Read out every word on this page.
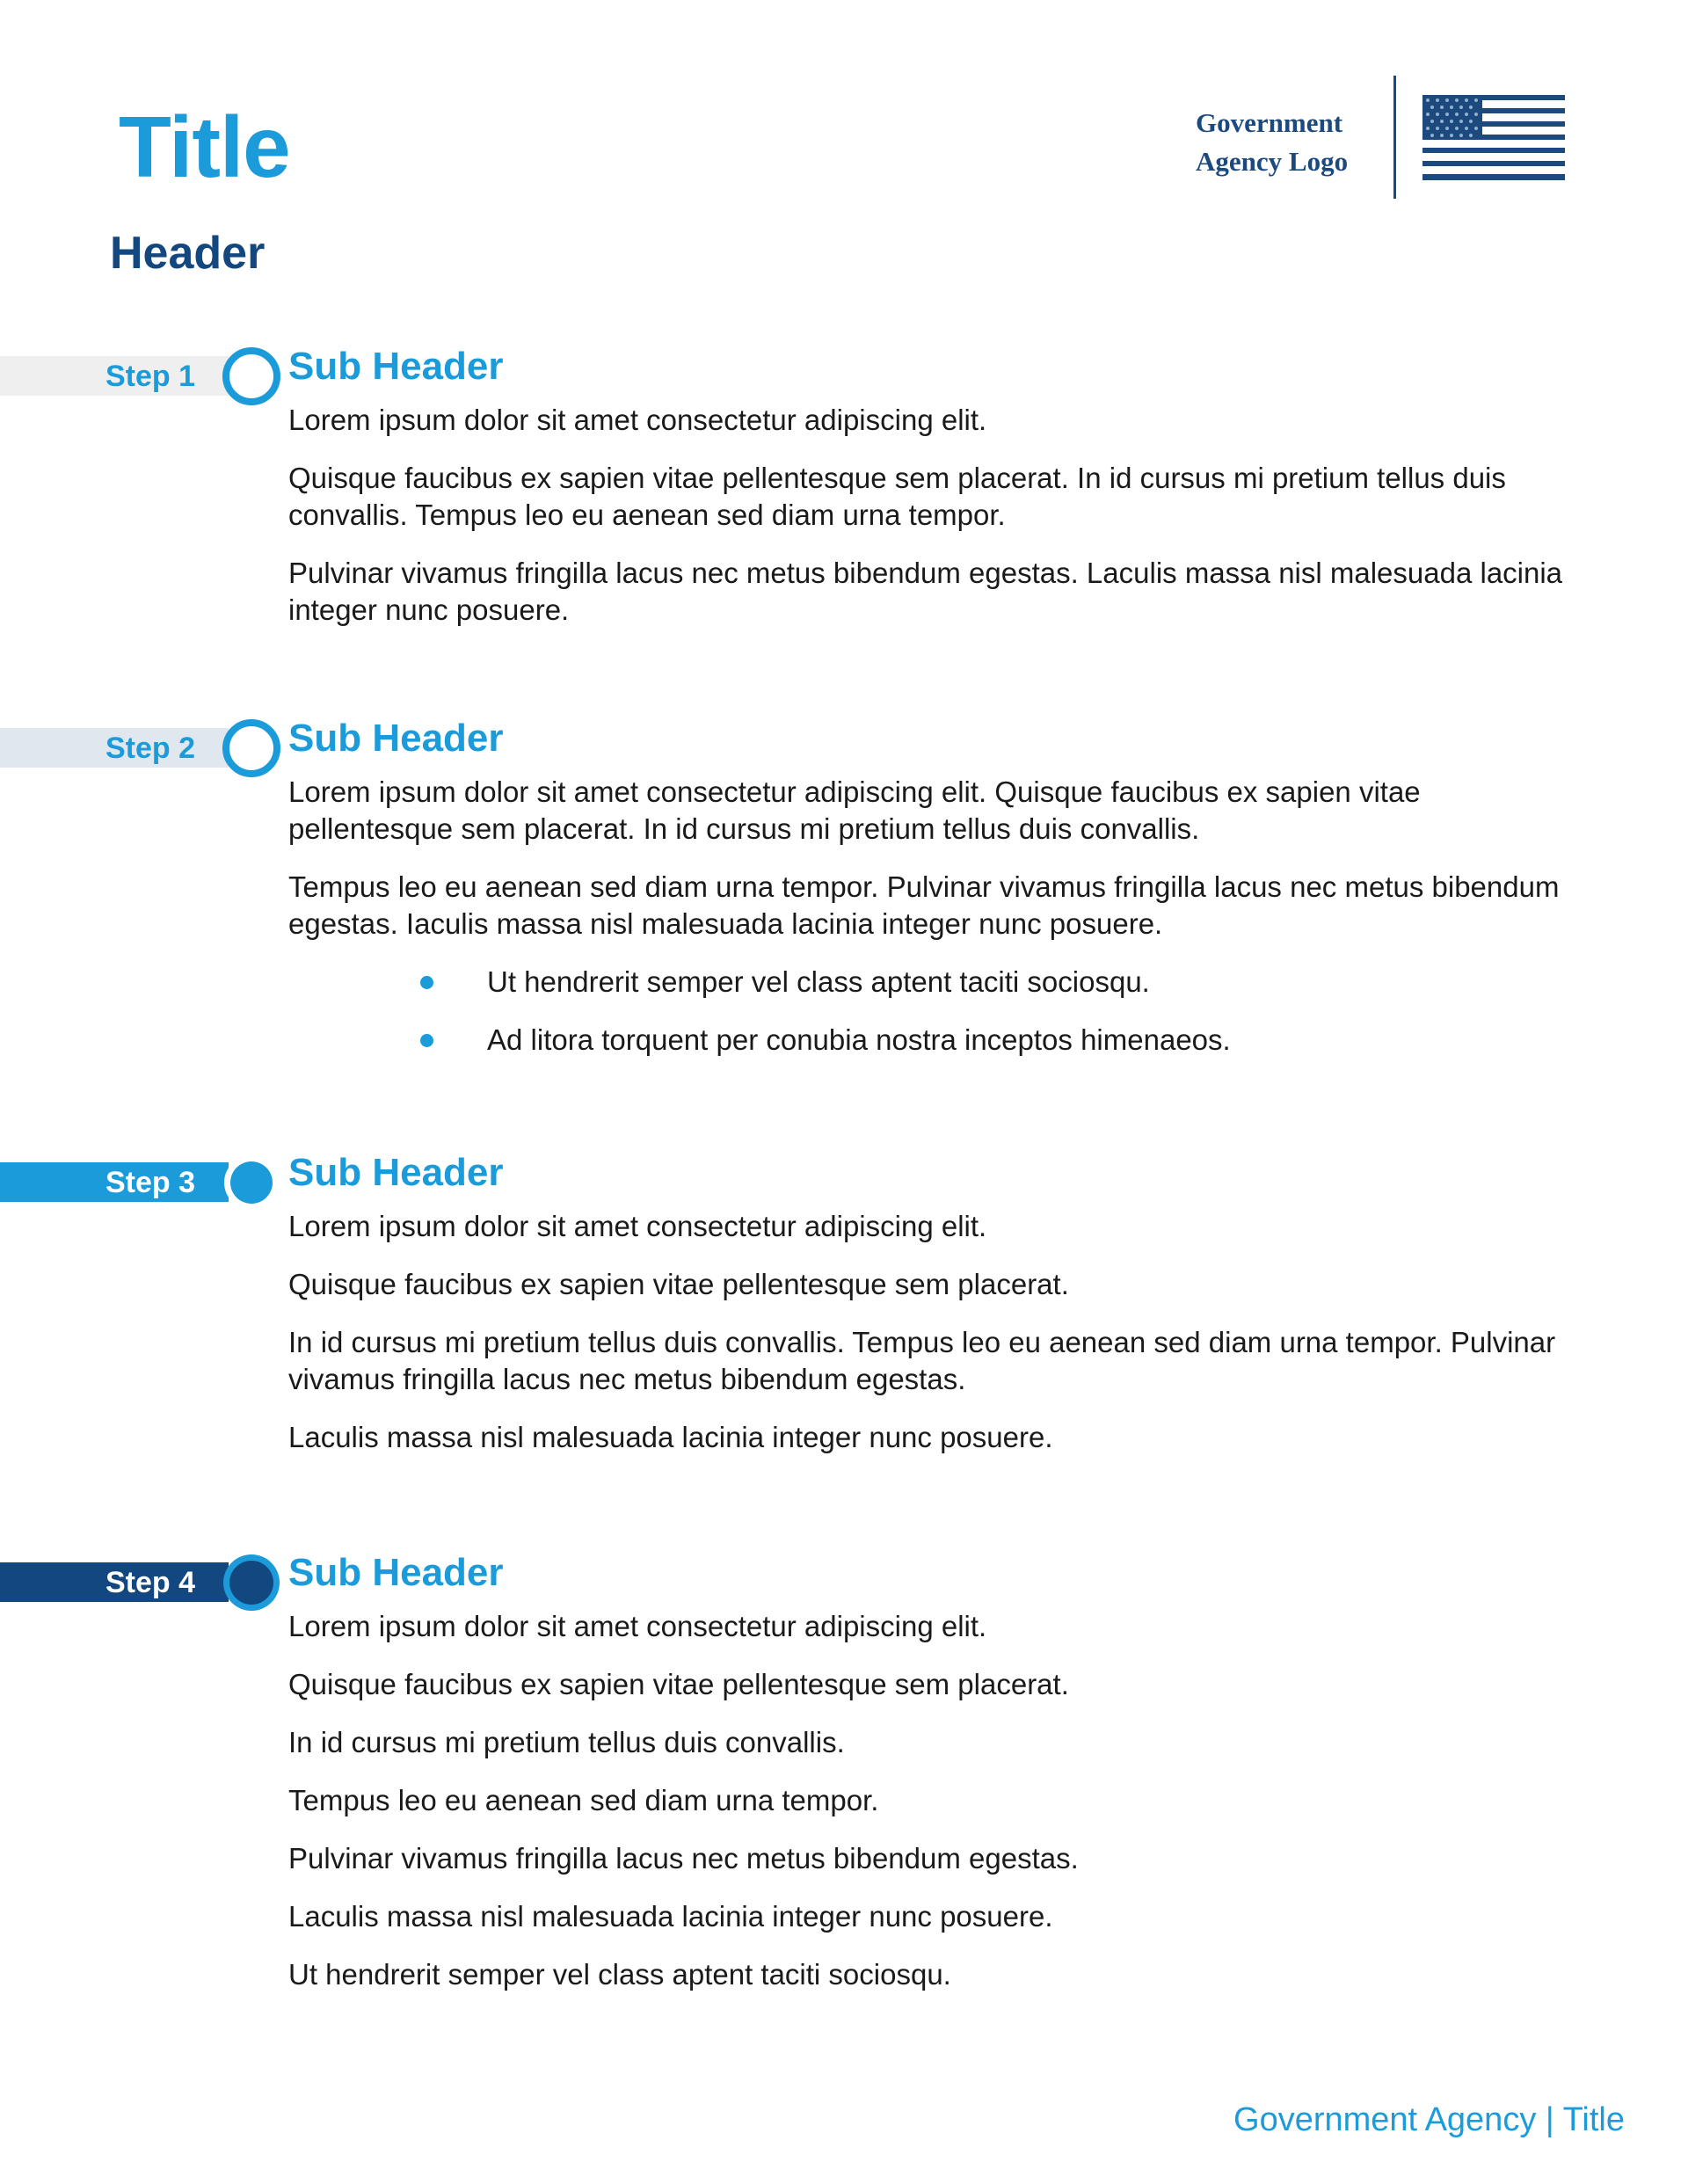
Title
Header
Government
Agency Logo
Step 1	Sub Header

Lorem ipsum dolor sit amet consectetur adipiscing elit.

Quisque faucibus ex sapien vitae pellentesque sem placerat. In id cursus mi pretium tellus duis convallis. Tempus leo eu aenean sed diam urna tempor.

Pulvinar vivamus fringilla lacus nec metus bibendum egestas. Laculis massa nisl malesuada lacinia integer nunc posuere.

Step 2	Sub Header

Lorem ipsum dolor sit amet consectetur adipiscing elit. Quisque faucibus ex sapien vitae pellentesque sem placerat. In id cursus mi pretium tellus duis convallis.

Tempus leo eu aenean sed diam urna tempor. Pulvinar vivamus fringilla lacus nec metus bibendum egestas. Iaculis massa nisl malesuada lacinia integer nunc posuere.

Ut hendrerit semper vel class aptent taciti sociosqu.
Ad litora torquent per conubia nostra inceptos himenaeos.
Step 3	Sub Header

Lorem ipsum dolor sit amet consectetur adipiscing elit.

Quisque faucibus ex sapien vitae pellentesque sem placerat.

In id cursus mi pretium tellus duis convallis. Tempus leo eu aenean sed diam urna tempor. Pulvinar vivamus fringilla lacus nec metus bibendum egestas.

Laculis massa nisl malesuada lacinia integer nunc posuere.

Step 4	Sub Header

Lorem ipsum dolor sit amet consectetur adipiscing elit.

Quisque faucibus ex sapien vitae pellentesque sem placerat.

In id cursus mi pretium tellus duis convallis.

Tempus leo eu aenean sed diam urna tempor.

Pulvinar vivamus fringilla lacus nec metus bibendum egestas.

Laculis massa nisl malesuada lacinia integer nunc posuere.

Ut hendrerit semper vel class aptent taciti sociosqu.

Government Agency | Title
